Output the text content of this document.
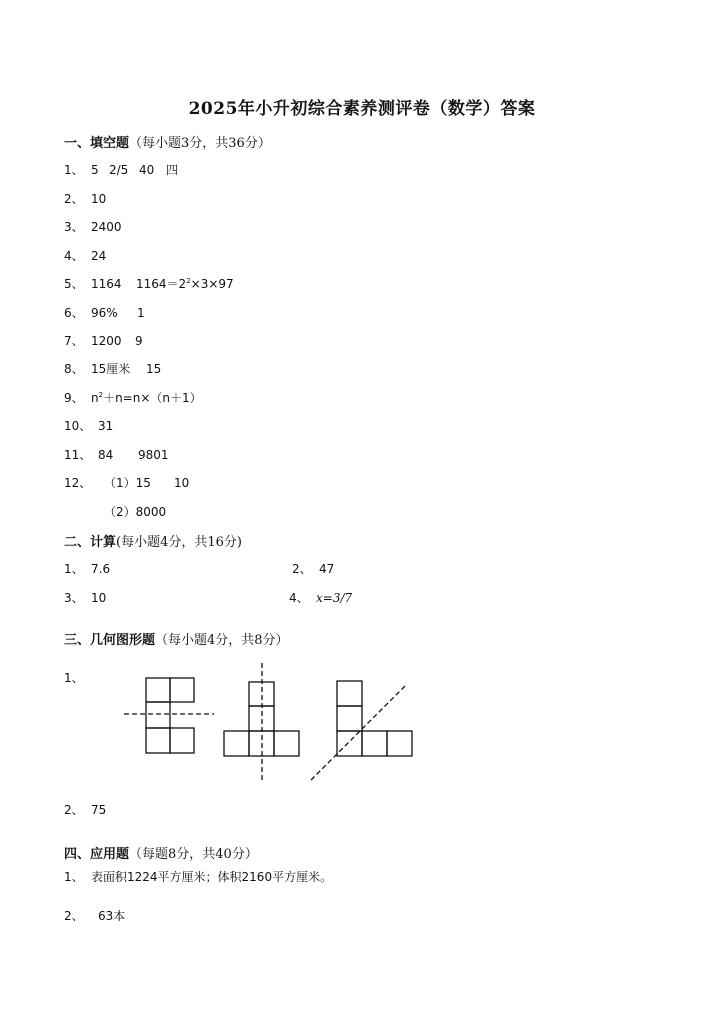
2025年小升初综合素养测评卷（数学）答案
一、填空题（每小题3分，共36分）
1、 5 2/5 40 四
2、 10
3、 2400
4、 24
5、 1164 $1164=2^2\times 3\times 97$
6、 96% 1
7、 1200 9
8、 15厘米 15
9、 $n^2+n=n\times(n+1)$
10、 31
11、 84 9801
12、 （1）15 10
（2）8000
二、计算(每小题4分，共16分)
1、 7.6	2、 47
3、 10	4、 x=3/7
三、几何图形题（每小题4分，共8分）
1、
2、 75
四、应用题（每题8分，共40分）
1、 表面积1224平方厘米；体积2160平方厘米。
2、 63本
